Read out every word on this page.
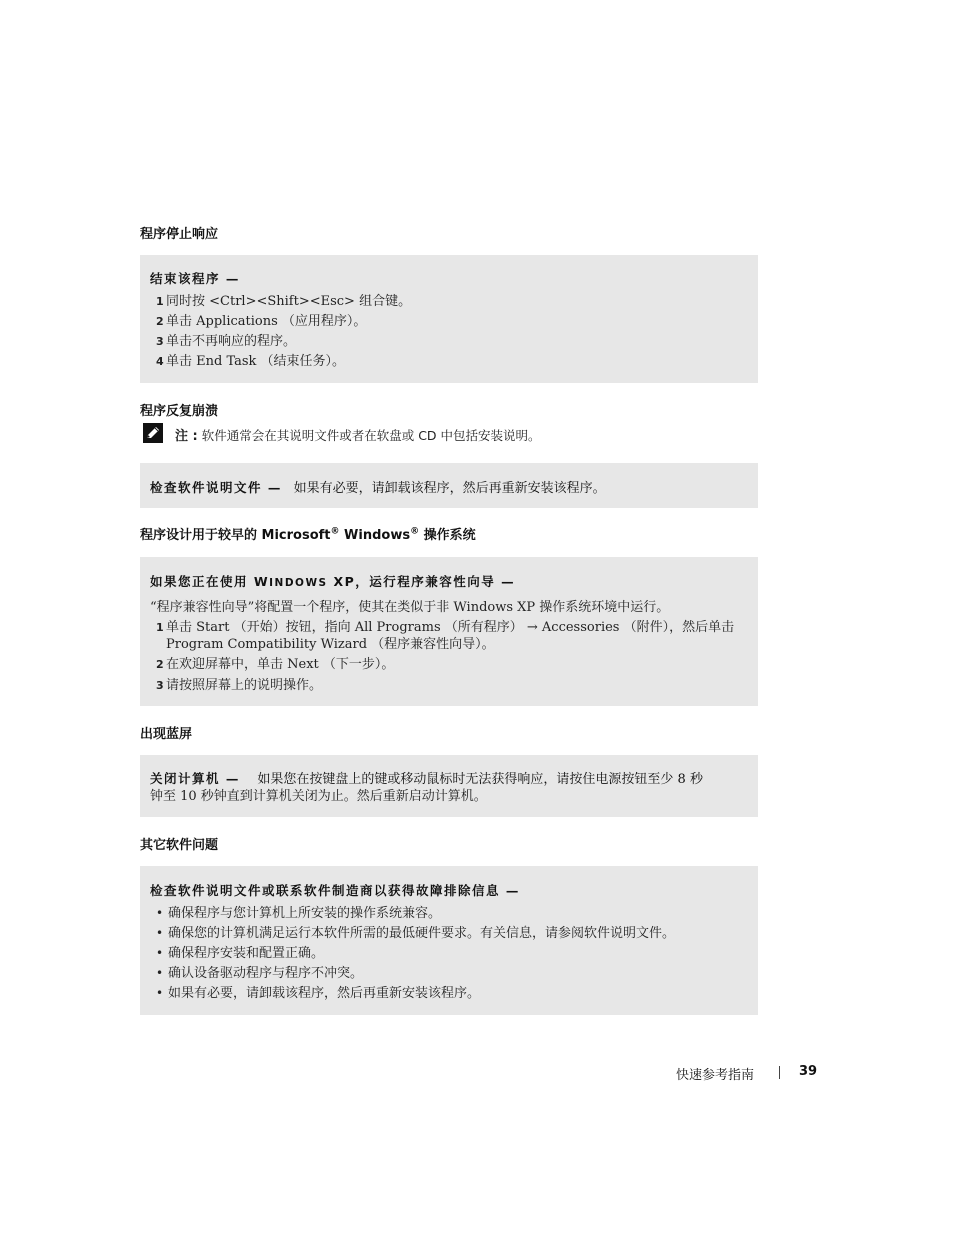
程序停止响应
结束该程序 —
1 同时按 <Ctrl><Shift><Esc> 组合键。
2 单击 Applications （应用程序）。
3 单击不再响应的程序。
4 单击 End Task （结束任务）。
程序反复崩溃
注 : 软件通常会在其说明文件或者在软盘或 CD 中包括安装说明。
检查软件说明文件 — 如果有必要，请卸载该程序，然后再重新安装该程序。
程序设计用于较早的 Microsoft® Windows® 操作系统
如果您正在使用 WINDOWS XP，运行程序兼容性向导 —
“程序兼容性向导”将配置一个程序，使其在类似于非 Windows XP 操作系统环境中运行。
1 单击 Start （开始）按钮，指向 All Programs （所有程序） → Accessories （附件），然后单击
Program Compatibility Wizard （程序兼容性向导）。
2 在欢迎屏幕中，单击 Next （下一步）。
3 请按照屏幕上的说明操作。
出现蓝屏
关闭计算机 — 如果您在按键盘上的键或移动鼠标时无法获得响应，请按住电源按钮至少 8 秒
钟至 10 秒钟直到计算机关闭为止。然后重新启动计算机。
其它软件问题
检查软件说明文件或联系软件制造商以获得故障排除信息 —
• 确保程序与您计算机上所安装的操作系统兼容。
• 确保您的计算机满足运行本软件所需的最低硬件要求。有关信息，请参阅软件说明文件。
• 确保程序安装和配置正确。
• 确认设备驱动程序与程序不冲突。
• 如果有必要，请卸载该程序，然后再重新安装该程序。
快速参考指南	39
